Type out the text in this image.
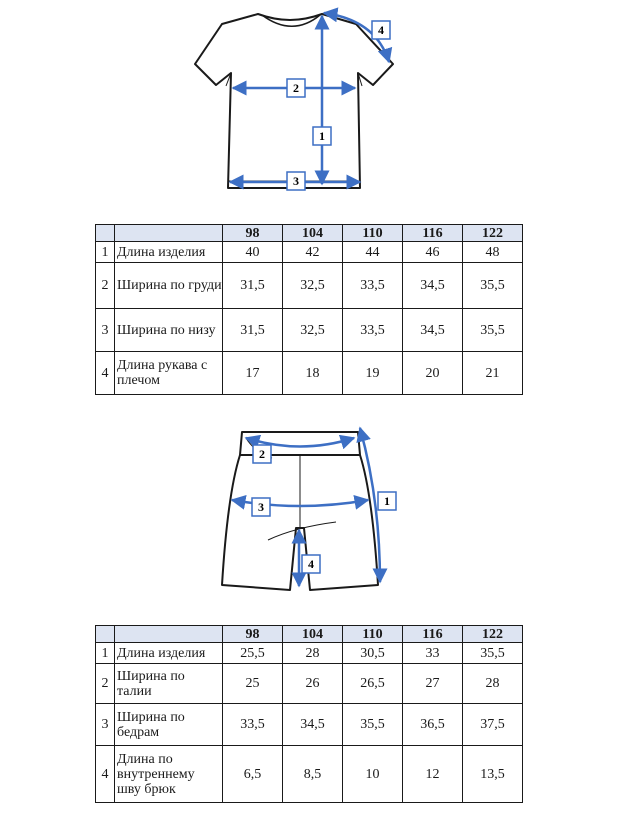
1
2
3
4
		98	104	110	116	122
1	Длина изделия	40	42	44	46	48
2	Ширина по груди	31,5	32,5	33,5	34,5	35,5
3	Ширина по низу	31,5	32,5	33,5	34,5	35,5
4	Длина рукава с плечом	17	18	19	20	21
1
2
3
4
		98	104	110	116	122
1	Длина изделия	25,5	28	30,5	33	35,5
2	Ширина по талии	25	26	26,5	27	28
3	Ширина по бедрам	33,5	34,5	35,5	36,5	37,5
4	Длина по внутреннему шву брюк	6,5	8,5	10	12	13,5
